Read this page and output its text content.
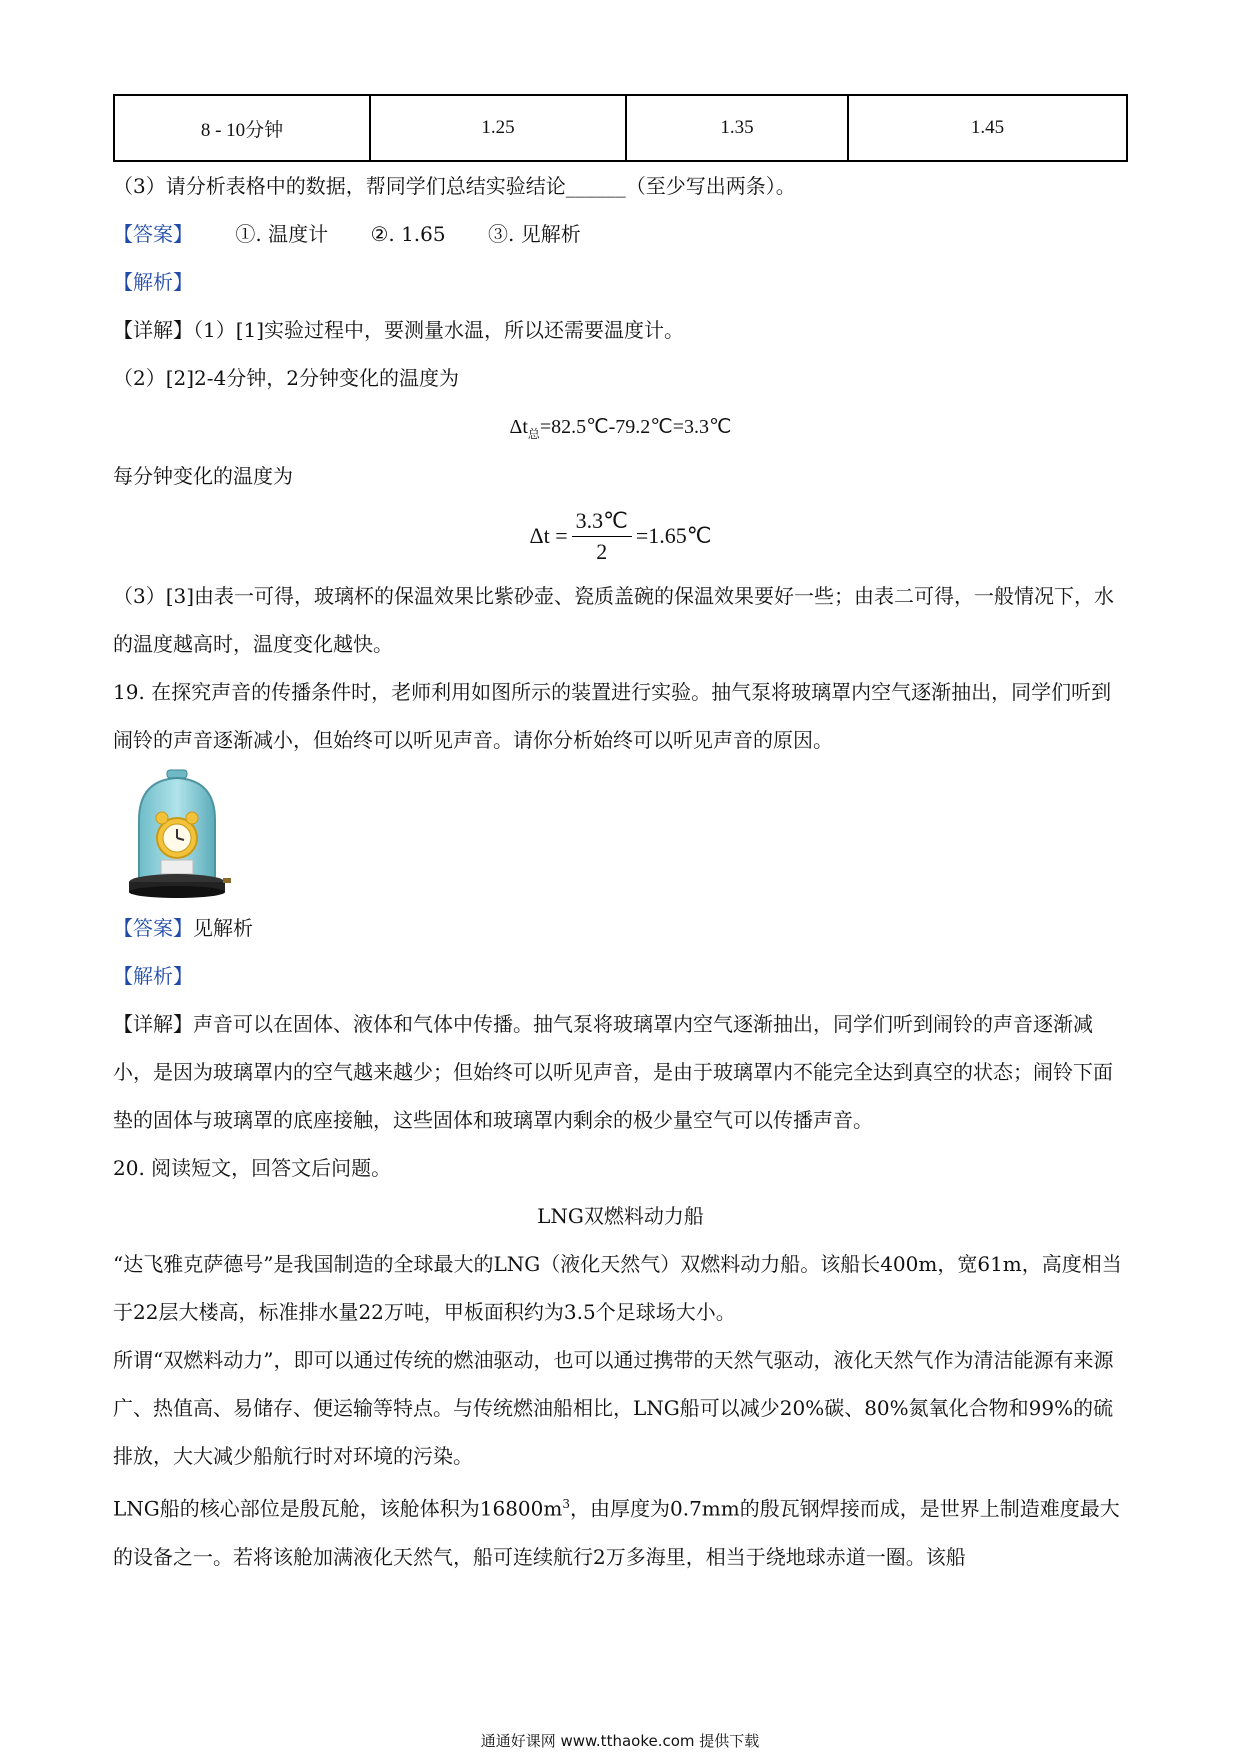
8 - 10分钟	1.25	1.35	1.45
（3）请分析表格中的数据，帮同学们总结实验结论______（至少写出两条）。
【答案】 ①. 温度计 ②. 1.65 ③. 见解析
【解析】
【详解】（1）[1]实验过程中，要测量水温，所以还需要温度计。
（2）[2]2-4分钟，2分钟变化的温度为
$\Delta t_总=82.5℃-79.2℃=3.3℃$
每分钟变化的温度为
$\Delta t = \frac{3.3℃}{2}$ =1.65℃
（3）[3]由表一可得，玻璃杯的保温效果比紫砂壶、瓷质盖碗的保温效果要好一些；由表二可得，一般情况下，水的温度越高时，温度变化越快。
19. 在探究声音的传播条件时，老师利用如图所示的装置进行实验。抽气泵将玻璃罩内空气逐渐抽出，同学们听到闹铃的声音逐渐减小，但始终可以听见声音。请你分析始终可以听见声音的原因。
【答案】见解析
【解析】
【详解】声音可以在固体、液体和气体中传播。抽气泵将玻璃罩内空气逐渐抽出，同学们听到闹铃的声音逐渐减小，是因为玻璃罩内的空气越来越少；但始终可以听见声音，是由于玻璃罩内不能完全达到真空的状态；闹铃下面垫的固体与玻璃罩的底座接触，这些固体和玻璃罩内剩余的极少量空气可以传播声音。
20. 阅读短文，回答文后问题。
LNG双燃料动力船
“达飞雅克萨德号”是我国制造的全球最大的LNG（液化天然气）双燃料动力船。该船长400m，宽61m，高度相当于22层大楼高，标准排水量22万吨，甲板面积约为3.5个足球场大小。
所谓“双燃料动力”，即可以通过传统的燃油驱动，也可以通过携带的天然气驱动，液化天然气作为清洁能源有来源广、热值高、易储存、便运输等特点。与传统燃油船相比，LNG船可以减少20%碳、80%氮氧化合物和99%的硫排放，大大减少船航行时对环境的污染。
LNG船的核心部位是殷瓦舱，该舱体积为$16800m^3$，由厚度为0.7mm的殷瓦钢焊接而成，是世界上制造难度最大的设备之一。若将该舱加满液化天然气，船可连续航行2万多海里，相当于绕地球赤道一圈。该船
通通好课网 www.tthaoke.com 提供下载
